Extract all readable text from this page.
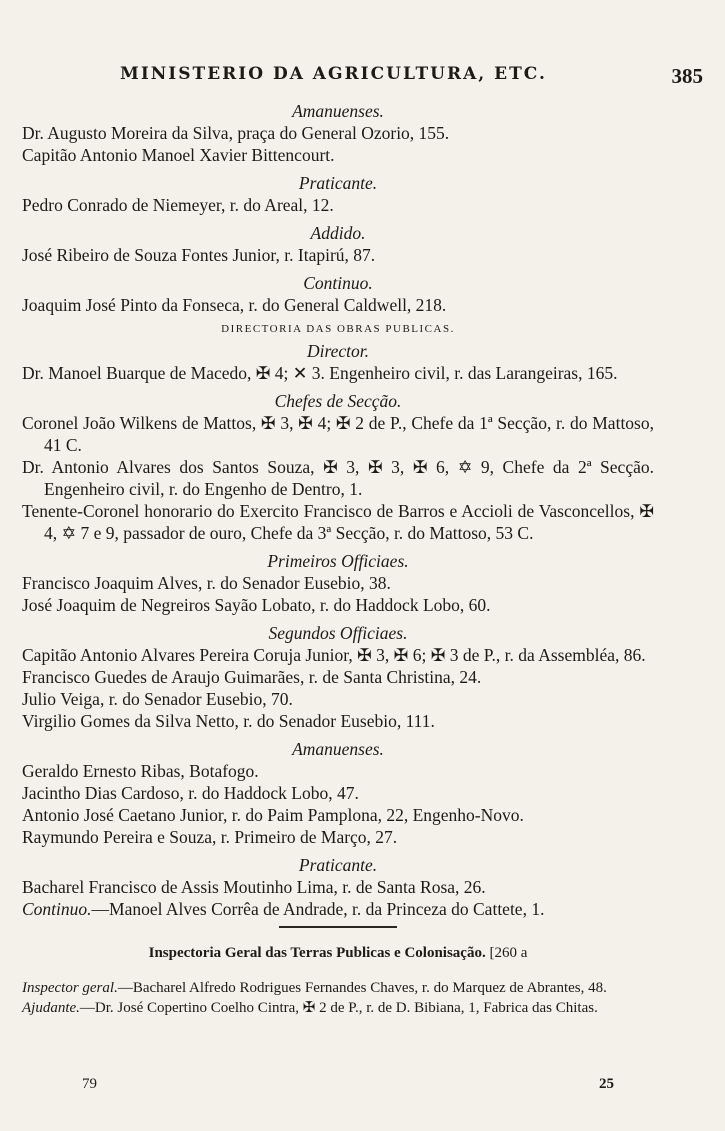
MINISTERIO DA AGRICULTURA, ETC.	385

Amanuenses.

Dr. Augusto Moreira da Silva, praça do General Ozorio, 155.

Capitão Antonio Manoel Xavier Bittencourt.

Praticante.

Pedro Conrado de Niemeyer, r. do Areal, 12.

Addido.

José Ribeiro de Souza Fontes Junior, r. Itapirú, 87.

Continuo.

Joaquim José Pinto da Fonseca, r. do General Caldwell, 218.

DIRECTORIA DAS OBRAS PUBLICAS.

Director.

Dr. Manoel Buarque de Macedo, ✠ 4; ✕ 3. Engenheiro civil, r. das Larangeiras, 165.

Chefes de Secção.

Coronel João Wilkens de Mattos, ✠ 3, ✠ 4; ✠ 2 de P., Chefe da 1ª Secção, r. do Mattoso, 41 C.

Dr. Antonio Alvares dos Santos Souza, ✠ 3, ✠ 3, ✠ 6, ✡ 9, Chefe da 2ª Secção. Engenheiro civil, r. do Engenho de Dentro, 1.

Tenente-Coronel honorario do Exercito Francisco de Barros e Accioli de Vasconcellos, ✠ 4, ✡ 7 e 9, passador de ouro, Chefe da 3ª Secção, r. do Mattoso, 53 C.

Primeiros Officiaes.

Francisco Joaquim Alves, r. do Senador Eusebio, 38.

José Joaquim de Negreiros Sayão Lobato, r. do Haddock Lobo, 60.

Segundos Officiaes.

Capitão Antonio Alvares Pereira Coruja Junior, ✠ 3, ✠ 6; ✠ 3 de P., r. da Assembléa, 86.

Francisco Guedes de Araujo Guimarães, r. de Santa Christina, 24.

Julio Veiga, r. do Senador Eusebio, 70.

Virgilio Gomes da Silva Netto, r. do Senador Eusebio, 111.

Amanuenses.

Geraldo Ernesto Ribas, Botafogo.

Jacintho Dias Cardoso, r. do Haddock Lobo, 47.

Antonio José Caetano Junior, r. do Paim Pamplona, 22, Engenho-Novo.

Raymundo Pereira e Souza, r. Primeiro de Março, 27.

Praticante.

Bacharel Francisco de Assis Moutinho Lima, r. de Santa Rosa, 26.

Continuo.—Manoel Alves Corrêa de Andrade, r. da Princeza do Cattete, 1.

Inspectoria Geral das Terras Publicas e Colonisação. [260 a

Inspector geral.—Bacharel Alfredo Rodrigues Fernandes Chaves, r. do Marquez de Abrantes, 48.

Ajudante.—Dr. José Copertino Coelho Cintra, ✠ 2 de P., r. de D. Bibiana, 1, Fabrica das Chitas.

79	25
